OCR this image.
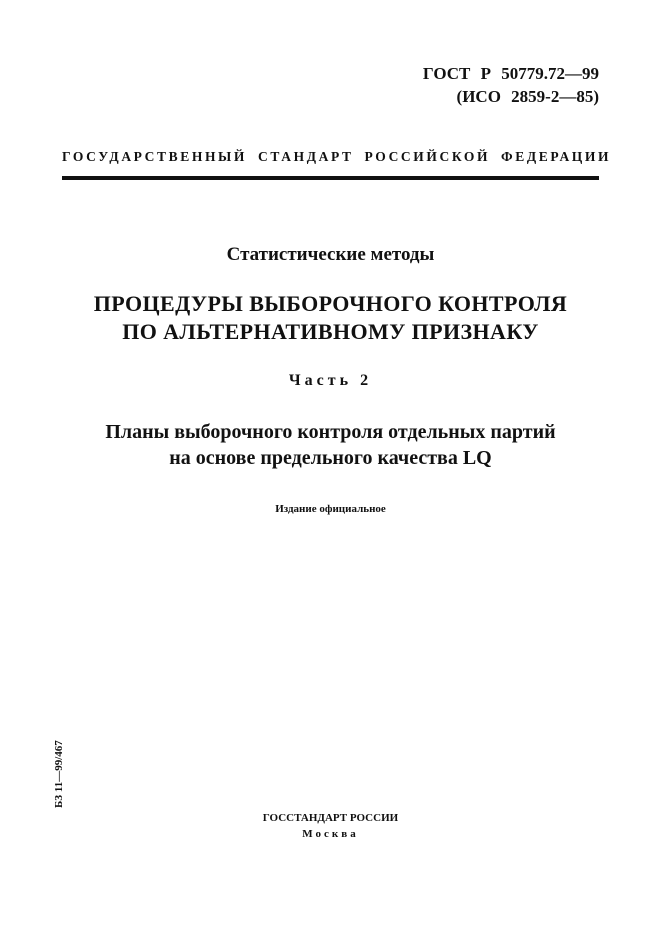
ГОСТ Р 50779.72—99
(ИСО 2859-2—85)
ГОСУДАРСТВЕННЫЙ СТАНДАРТ РОССИЙСКОЙ ФЕДЕРАЦИИ
Статистические методы
ПРОЦЕДУРЫ ВЫБОРОЧНОГО КОНТРОЛЯ
ПО АЛЬТЕРНАТИВНОМУ ПРИЗНАКУ
Часть 2
Планы выборочного контроля отдельных партий
на основе предельного качества LQ
Издание официальное
БЗ 11—99/467
ГОССТАНДАРТ РОССИИ
Москва
